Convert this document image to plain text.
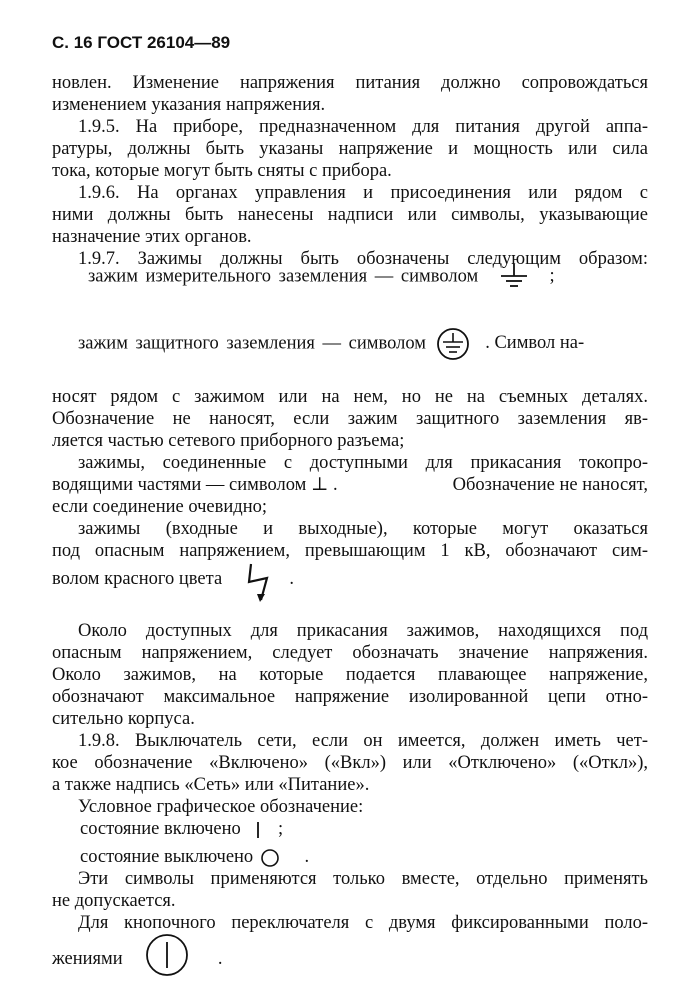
С. 16 ГОСТ 26104—89
новлен. Изменение напряжения питания должно сопровождаться
изменением указания напряжения.
1.9.5. На приборе, предназначенном для питания другой аппа-
ратуры, должны быть указаны напряжение и мощность или сила
тока, которые могут быть сняты с прибора.
1.9.6. На органах управления и присоединения или рядом с
ними должны быть нанесены надписи или символы, указывающие
назначение этих органов.
1.9.7. Зажимы должны быть обозначены следующим образом:
зажим измерительного заземления — символом	;
зажим защитного заземления — символом	. Символ на-
носят рядом с зажимом или на нем, но не на съемных деталях.
Обозначение не наносят, если зажим защитного заземления яв-
ляется частью сетевого приборного разъема;
зажимы, соединенные с доступными для прикасания токопро-
водящими частями — символом ⊥ .	Обозначение не наносят,
если соединение очевидно;
зажимы (входные и выходные), которые могут оказаться
под опасным напряжением, превышающим 1 кВ, обозначают сим-
волом красного цвета	.
Около доступных для прикасания зажимов, находящихся под
опасным напряжением, следует обозначать значение напряжения.
Около зажимов, на которые подается плавающее напряжение,
обозначают максимальное напряжение изолированной цепи отно-
сительно корпуса.
1.9.8. Выключатель сети, если он имеется, должен иметь чет-
кое обозначение «Включено» («Вкл») или «Отключено» («Откл»),
а также надпись «Сеть» или «Питание».
Условное графическое обозначение:
состояние включено ;
состояние выключено	.
Эти символы применяются только вместе, отдельно применять
не допускается.
Для кнопочного переключателя с двумя фиксированными поло-
жениями	.
